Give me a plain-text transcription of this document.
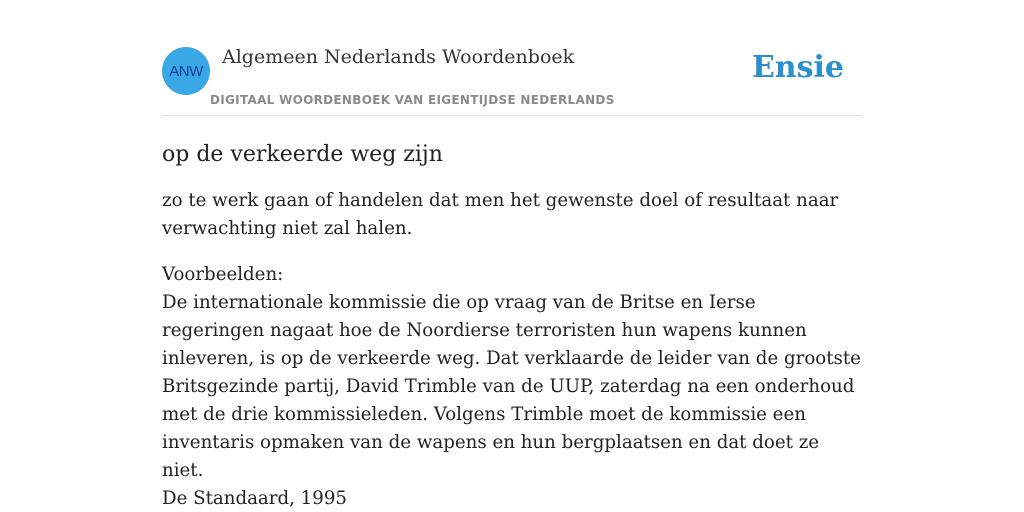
ANW
Algemeen Nederlands Woordenboek
DIGITAAL WOORDENBOEK VAN EIGENTIJDSE NEDERLANDS
Ensie
op de verkeerde weg zijn

zo te werk gaan of handelen dat men het gewenste doel of resultaat naar verwachting niet zal halen.

Voorbeelden:
De internationale kommissie die op vraag van de Britse en Ierse regeringen nagaat hoe de Noordierse terroristen hun wapens kunnen inleveren, is op de verkeerde weg. Dat verklaarde de leider van de grootste Britsgezinde partij, David Trimble van de UUP, zaterdag na een onderhoud met de drie kommissieleden. Volgens Trimble moet de kommissie een inventaris opmaken van de wapens en hun bergplaatsen en dat doet ze niet.
De Standaard, 1995
